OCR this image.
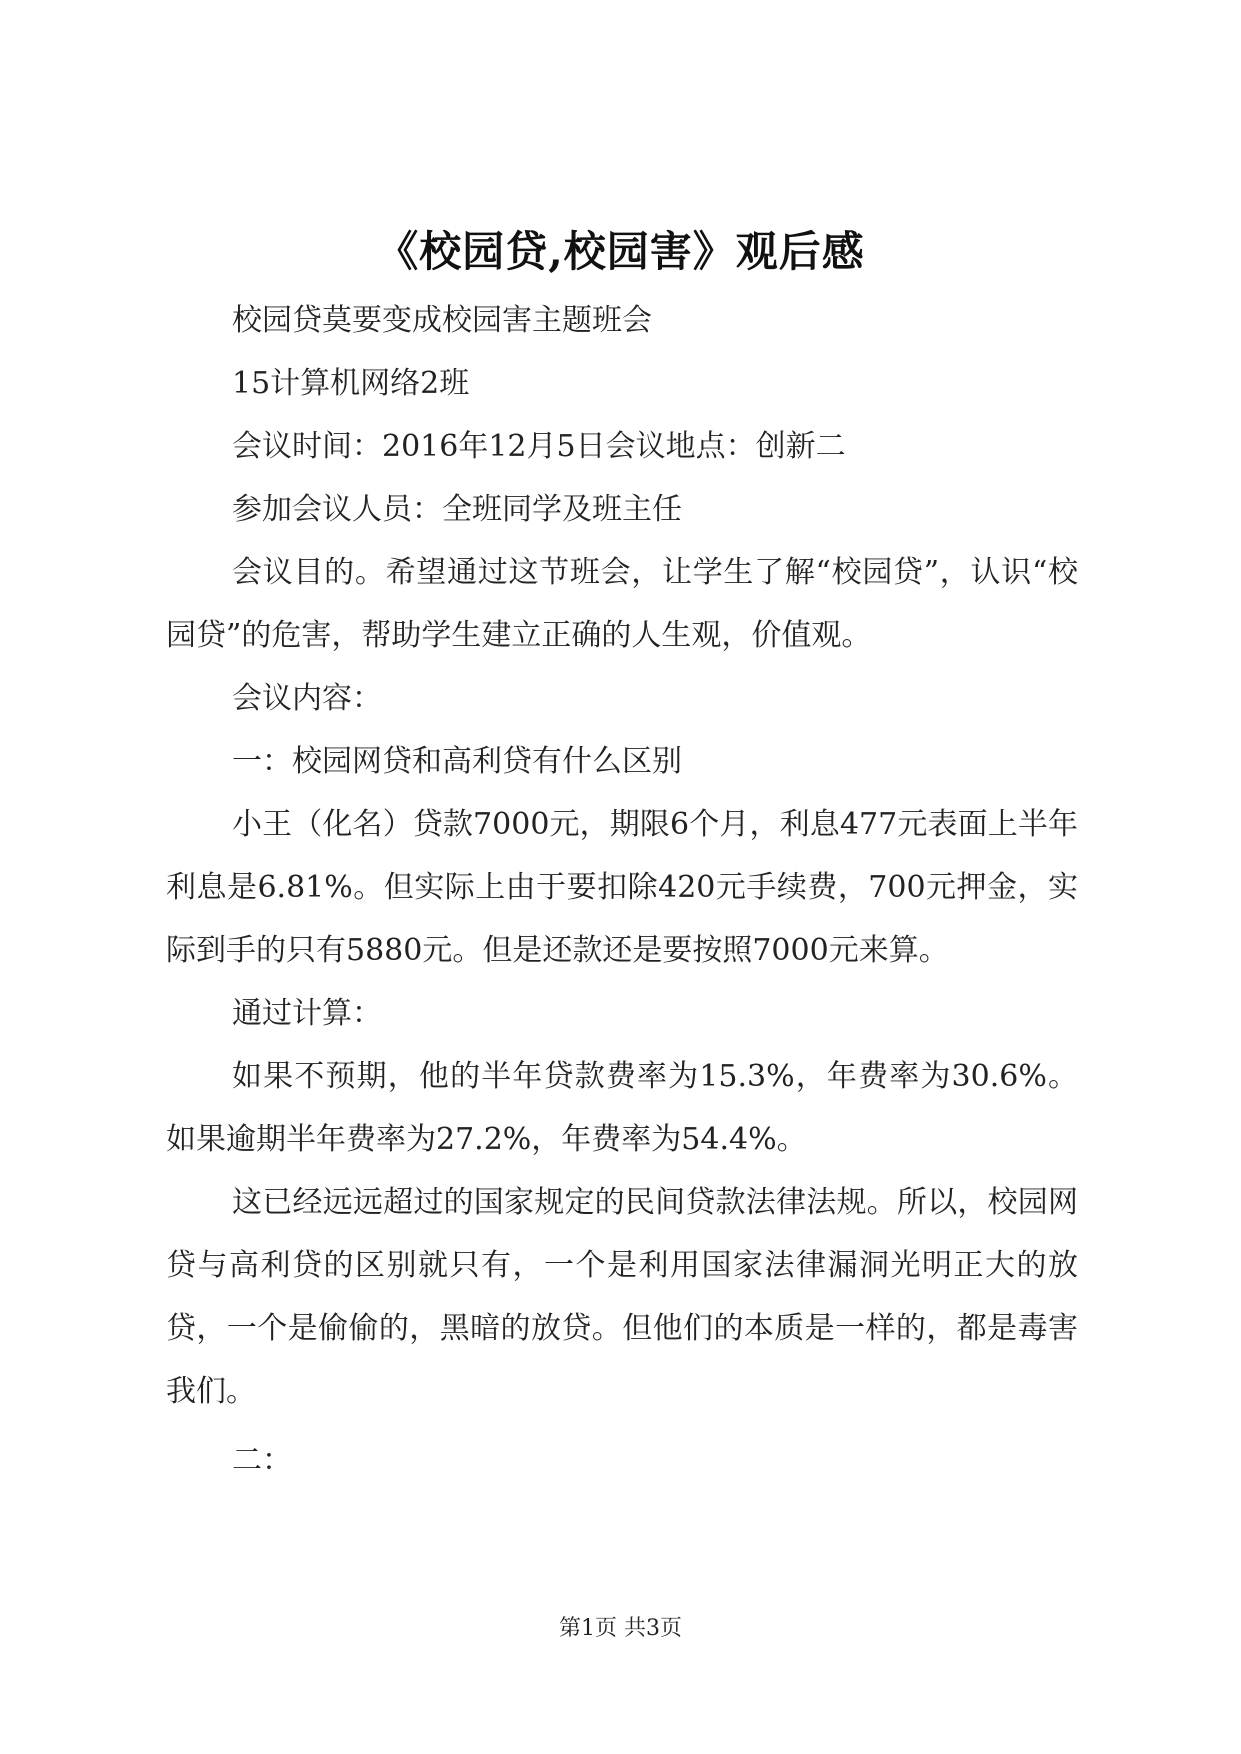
《校园贷,校园害》观后感

校园贷莫要变成校园害主题班会

15计算机网络2班

会议时间：2016年12月5日会议地点：创新二

参加会议人员：全班同学及班主任

会议目的。希望通过这节班会，让学生了解“校园贷”，认识“校园贷”的危害，帮助学生建立正确的人生观，价值观。

会议内容：

一：校园网贷和高利贷有什么区别

小王（化名）贷款7000元，期限6个月，利息477元表面上半年利息是6.81%。但实际上由于要扣除420元手续费，700元押金，实际到手的只有5880元。但是还款还是要按照7000元来算。

通过计算：

如果不预期，他的半年贷款费率为15.3%，年费率为30.6%。如果逾期半年费率为27.2%，年费率为54.4%。

这已经远远超过的国家规定的民间贷款法律法规。所以，校园网贷与高利贷的区别就只有，一个是利用国家法律漏洞光明正大的放贷，一个是偷偷的，黑暗的放贷。但他们的本质是一样的，都是毒害我们。

二：

第1页 共3页
